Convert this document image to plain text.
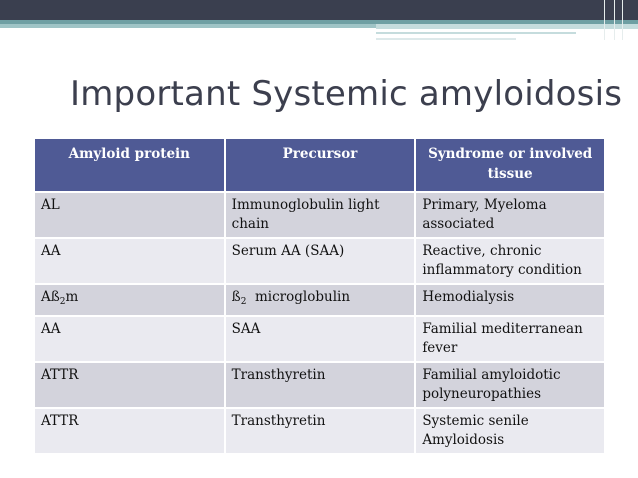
Important Systemic amyloidosis
Amyloid protein	Precursor	Syndrome or involved tissue
AL	Immunoglobulin light chain	Primary, Myeloma associated
AA	Serum AA (SAA)	Reactive, chronic inflammatory condition
$Aß_2m$	$ß_2$  microglobulin	Hemodialysis
AA	SAA	Familial mediterranean fever
ATTR	Transthyretin	Familial amyloidotic polyneuropathies
ATTR	Transthyretin	Systemic senile Amyloidosis
